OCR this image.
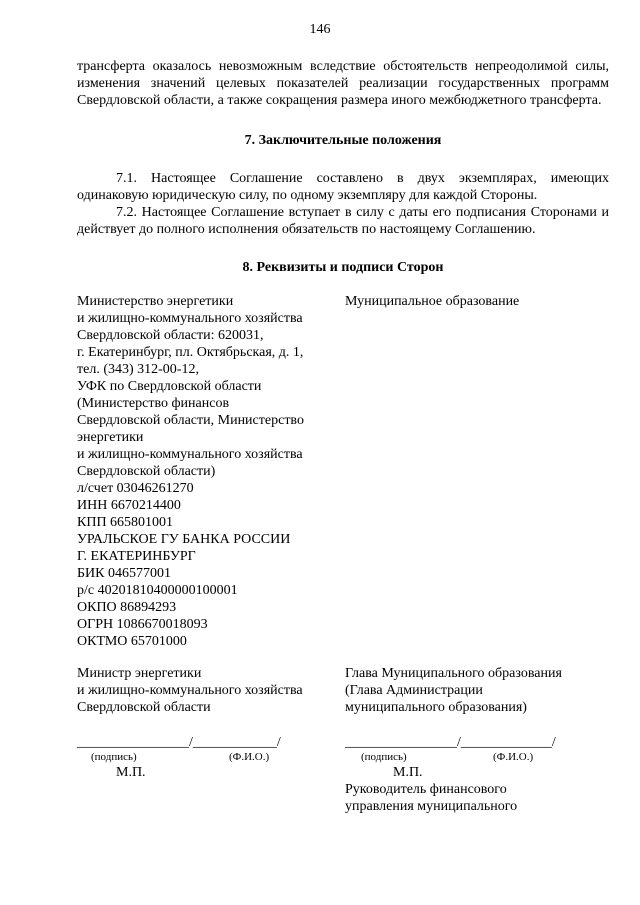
146

трансферта оказалось невозможным вследствие обстоятельств непреодолимой силы, изменения значений целевых показателей реализации государственных программ Свердловской области, а также сокращения размера иного межбюджетного трансферта.

7. Заключительные положения

7.1. Настоящее Соглашение составлено в двух экземплярах, имеющих одинаковую юридическую силу, по одному экземпляру для каждой Стороны.

7.2. Настоящее Соглашение вступает в силу с даты его подписания Сторонами и действует до полного исполнения обязательств по настоящему Соглашению.

8. Реквизиты и подписи Сторон

Министерство энергетики
и жилищно-коммунального хозяйства
Свердловской области: 620031,
г. Екатеринбург, пл. Октябрьская, д. 1,
тел. (343) 312-00-12,
УФК по Свердловской области
(Министерство финансов
Свердловской области, Министерство
энергетики
и жилищно-коммунального хозяйства
Свердловской области)
л/счет 03046261270
ИНН 6670214400
КПП 665801001
УРАЛЬСКОЕ ГУ БАНКА РОССИИ
Г. ЕКАТЕРИНБУРГ
БИК 046577001
р/с 40201810400000100001
ОКПО 86894293
ОГРН 1086670018093
ОКТМО 65701000
Министр энергетики
и жилищно-коммунального хозяйства
Свердловской области
________________/____________/
(подпись)	(Ф.И.О.)
М.П.
Муниципальное образование
Глава Муниципального образования
(Глава Администрации
муниципального образования)
________________/_____________/
(подпись)	(Ф.И.О.)
М.П.
Руководитель финансового
управления муниципального
